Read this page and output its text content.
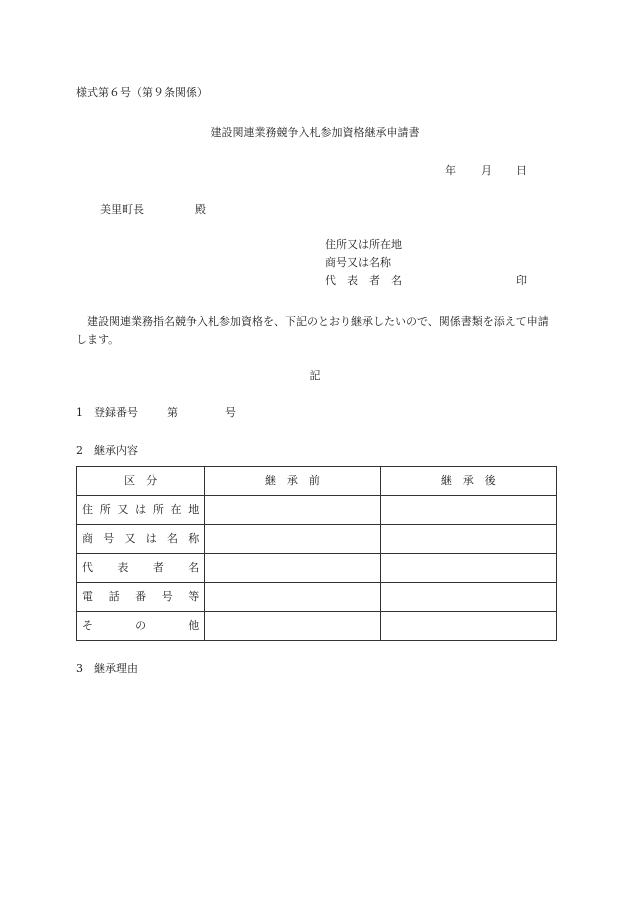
様式第６号（第９条関係）
建設関連業務競争入札参加資格継承申請書
年 月 日
美里町長	殿
住所又は所在地
商号又は名称
代　表　者　名	印
建設関連業務指名競争入札参加資格を、下記のとおり継承したいので、関係書類を添えて申請します。
記
1　登録番号	第	号
2　継承内容
区　分	継　承　前	継　承　後
住所又は所在地		
商号又は名称		
代表者名		
電話番号等		
その他		
3　継承理由
